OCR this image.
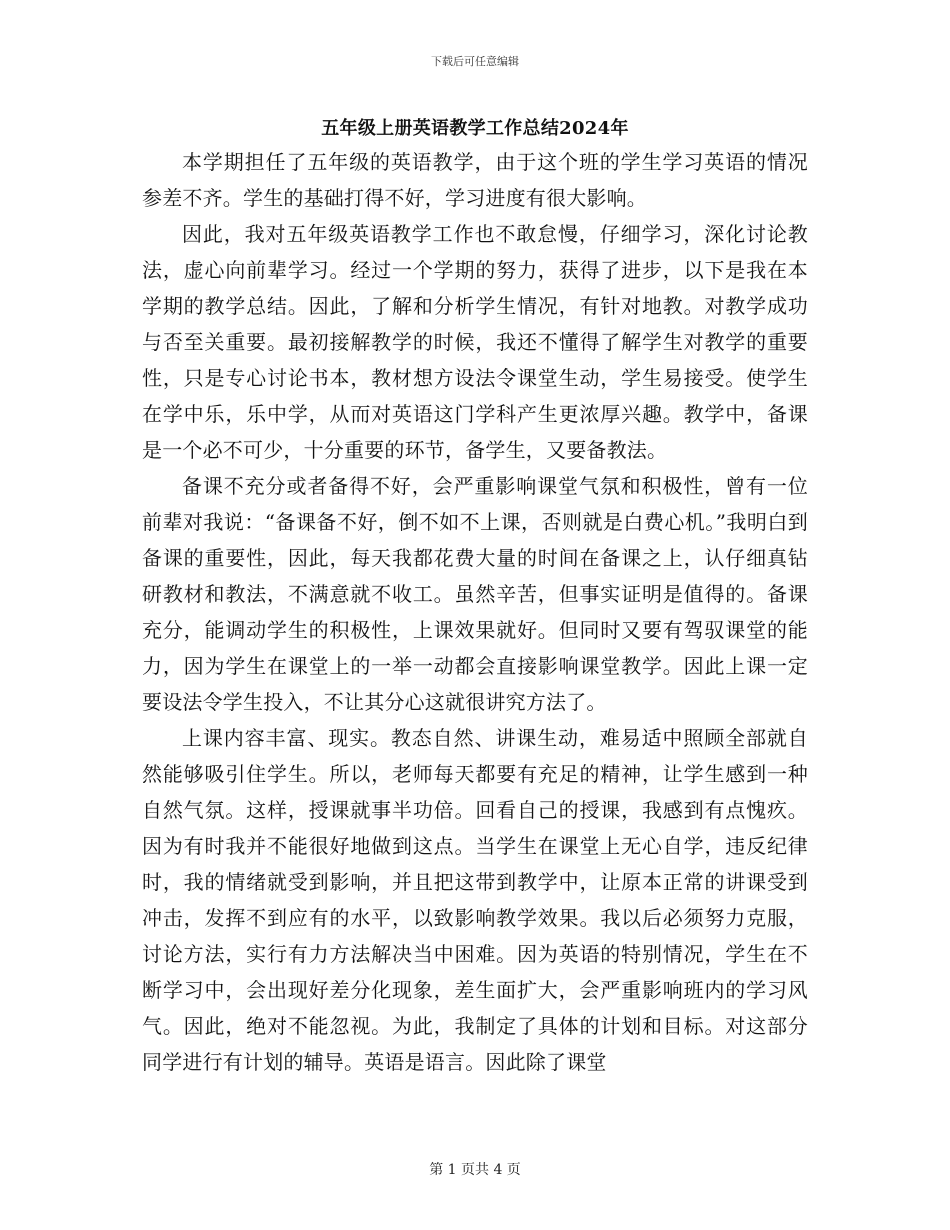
下载后可任意编辑
五年级上册英语教学工作总结2024年

本学期担任了五年级的英语教学，由于这个班的学生学习英语的情况参差不齐。学生的基础打得不好，学习进度有很大影响。

因此，我对五年级英语教学工作也不敢怠慢，仔细学习，深化讨论教法，虚心向前辈学习。经过一个学期的努力，获得了进步，以下是我在本学期的教学总结。因此，了解和分析学生情况，有针对地教。对教学成功与否至关重要。最初接解教学的时候，我还不懂得了解学生对教学的重要性，只是专心讨论书本，教材想方设法令课堂生动，学生易接受。使学生在学中乐，乐中学，从而对英语这门学科产生更浓厚兴趣。教学中，备课是一个必不可少，十分重要的环节，备学生，又要备教法。

备课不充分或者备得不好，会严重影响课堂气氛和积极性，曾有一位前辈对我说：“备课备不好，倒不如不上课，否则就是白费心机。”我明白到备课的重要性，因此，每天我都花费大量的时间在备课之上，认仔细真钻研教材和教法，不满意就不收工。虽然辛苦，但事实证明是值得的。备课充分，能调动学生的积极性，上课效果就好。但同时又要有驾驭课堂的能力，因为学生在课堂上的一举一动都会直接影响课堂教学。因此上课一定要设法令学生投入，不让其分心这就很讲究方法了。

上课内容丰富、现实。教态自然、讲课生动，难易适中照顾全部就自然能够吸引住学生。所以，老师每天都要有充足的精神，让学生感到一种自然气氛。这样，授课就事半功倍。回看自己的授课，我感到有点愧疚。因为有时我并不能很好地做到这点。当学生在课堂上无心自学，违反纪律时，我的情绪就受到影响，并且把这带到教学中，让原本正常的讲课受到冲击，发挥不到应有的水平，以致影响教学效果。我以后必须努力克服，讨论方法，实行有力方法解决当中困难。因为英语的特别情况，学生在不断学习中，会出现好差分化现象，差生面扩大，会严重影响班内的学习风气。因此，绝对不能忽视。为此，我制定了具体的计划和目标。对这部分同学进行有计划的辅导。英语是语言。因此除了课堂

第 1 页共 4 页
